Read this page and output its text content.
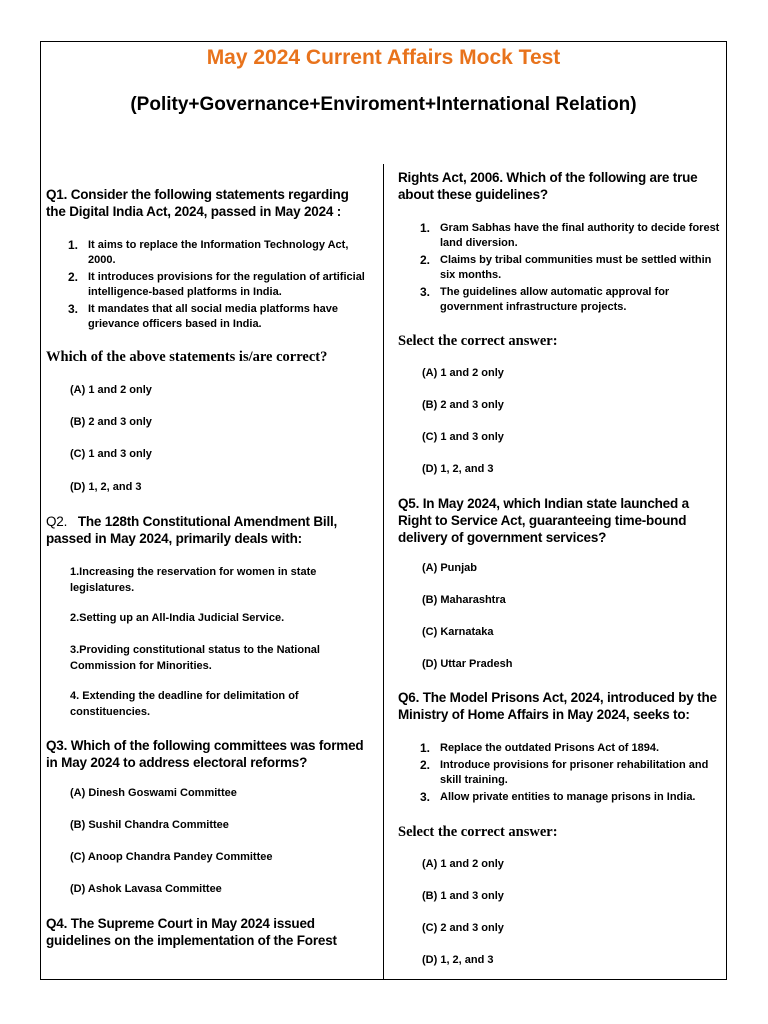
May 2024 Current Affairs Mock Test
(Polity+Governance+Enviroment+International Relation)

Q1. Consider the following statements regarding the Digital India Act, 2024, passed in May 2024 :

1. It aims to replace the Information Technology Act, 2000.
2. It introduces provisions for the regulation of artificial intelligence-based platforms in India.
3. It mandates that all social media platforms have grievance officers based in India.

Which of the above statements is/are correct?

(A) 1 and 2 only

(B) 2 and 3 only

(C) 1 and 3 only

(D) 1, 2, and 3

Q2. The 128th Constitutional Amendment Bill, passed in May 2024, primarily deals with:

1.Increasing the reservation for women in state legislatures.

2.Setting up an All-India Judicial Service.

3.Providing constitutional status to the National Commission for Minorities.

4. Extending the deadline for delimitation of constituencies.

Q3. Which of the following committees was formed in May 2024 to address electoral reforms?

(A) Dinesh Goswami Committee

(B) Sushil Chandra Committee

(C) Anoop Chandra Pandey Committee

(D) Ashok Lavasa Committee

Q4. The Supreme Court in May 2024 issued guidelines on the implementation of the Forest

Rights Act, 2006. Which of the following are true about these guidelines?

1. Gram Sabhas have the final authority to decide forest land diversion.
2. Claims by tribal communities must be settled within six months.
3. The guidelines allow automatic approval for government infrastructure projects.

Select the correct answer:

(A) 1 and 2 only

(B) 2 and 3 only

(C) 1 and 3 only

(D) 1, 2, and 3

Q5. In May 2024, which Indian state launched a Right to Service Act, guaranteeing time-bound delivery of government services?

(A) Punjab

(B) Maharashtra

(C) Karnataka

(D) Uttar Pradesh

Q6. The Model Prisons Act, 2024, introduced by the Ministry of Home Affairs in May 2024, seeks to:

1. Replace the outdated Prisons Act of 1894.
2. Introduce provisions for prisoner rehabilitation and skill training.
3. Allow private entities to manage prisons in India.

Select the correct answer:

(A) 1 and 2 only

(B) 1 and 3 only

(C) 2 and 3 only

(D) 1, 2, and 3
